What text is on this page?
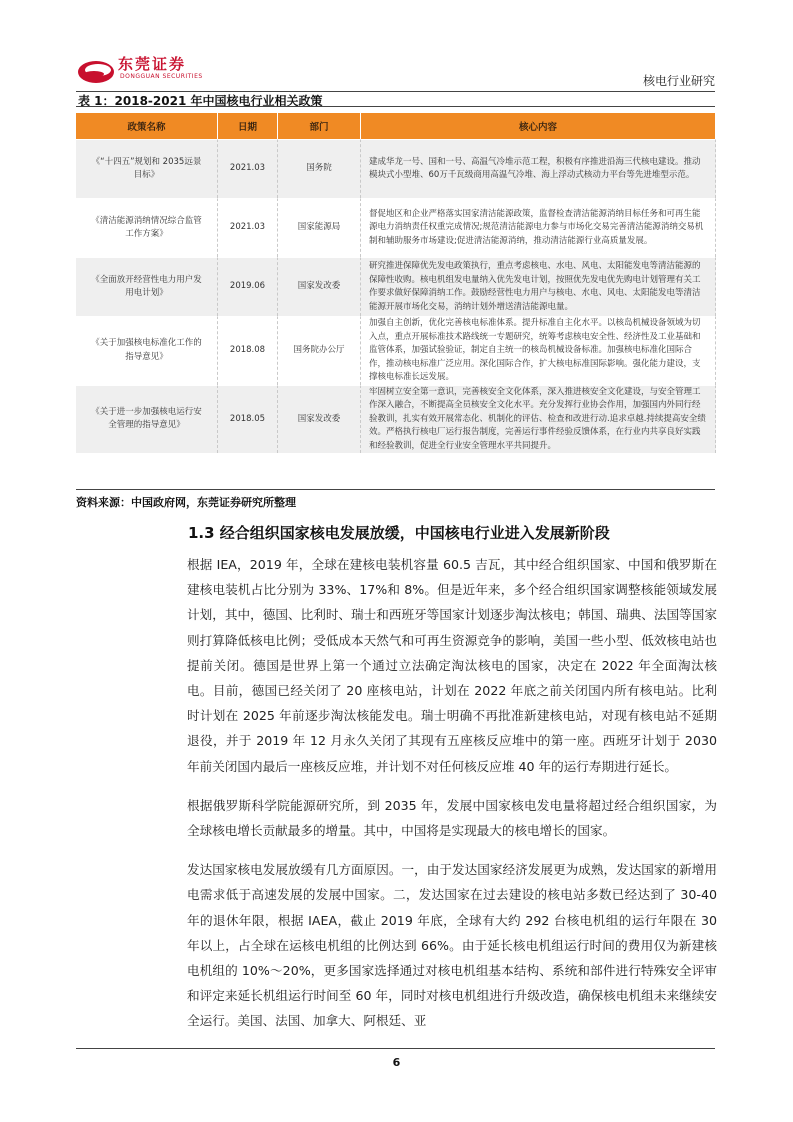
东莞证券
DONGGUAN SECURITIES	核电行业研究
表 1：2018-2021 年中国核电行业相关政策
政策名称	日期	部门	核心内容
《“十四五”规划和 2035远景目标》	2021.03	国务院	建成华龙一号、国和一号、高温气冷堆示范工程，积极有序推进沿海三代核电建设。推动模块式小型堆、60万千瓦级商用高温气冷堆、海上浮动式核动力平台等先进堆型示范。
《清洁能源消纳情况综合监管工作方案》	2021.03	国家能源局	督促地区和企业严格落实国家清洁能源政策，监督检查清洁能源消纳目标任务和可再生能源电力消纳责任权重完成情况;规范清洁能源电力参与市场化交易完善清洁能源消纳交易机制和辅助服务市场建设;促进清洁能源消纳，推动清洁能源行业高质量发展。
《全面放开经营性电力用户发用电计划》	2019.06	国家发改委	研究推进保障优先发电政策执行，重点考虑核电、水电、风电、太阳能发电等清洁能源的保障性收购。核电机组发电量纳入优先发电计划，按照优先发电优先购电计划管理有关工作要求做好保障消纳工作。鼓励经营性电力用户与核电、水电、风电、太阳能发电等清洁能源开展市场化交易，消纳计划外增送清洁能源电量。
《关于加强核电标准化工作的指导意见》	2018.08	国务院办公厅	加强自主创新，优化完善核电标准体系。提升标准自主化水平。以核岛机械设备领域为切入点，重点开展标准技术路线统一专题研究，统筹考虑核电安全性、经济性及工业基础和监管体系，加强试验验证，制定自主统一的核岛机械设备标准。加强核电标准化国际合作，推动核电标准广泛应用。深化国际合作，扩大核电标准国际影响。强化能力建设，支撑核电标准长远发展。
《关于进一步加强核电运行安全管理的指导意见》	2018.05	国家发改委	牢固树立安全第一意识，完善核安全文化体系，深入推进核安全文化建设，与安全管理工作深入融合，不断提高全员核安全文化水平。充分发挥行业协会作用，加强国内外同行经验教训，扎实有效开展常态化、机制化的评估、检查和改进行动.追求卓越.持续提高安全绩效。严格执行核电厂运行报告制度，完善运行事件经验反馈体系，在行业内共享良好实践和经验教训，促进全行业安全管理水平共同提升。
资料来源：中国政府网，东莞证券研究所整理
1.3 经合组织国家核电发展放缓，中国核电行业进入发展新阶段

根据 IEA，2019 年，全球在建核电装机容量 60.5 吉瓦，其中经合组织国家、中国和俄罗斯在建核电装机占比分别为 33%、17%和 8%。但是近年来，多个经合组织国家调整核能领域发展计划，其中，德国、比利时、瑞士和西班牙等国家计划逐步淘汰核电；韩国、瑞典、法国等国家则打算降低核电比例；受低成本天然气和可再生资源竞争的影响，美国一些小型、低效核电站也提前关闭。德国是世界上第一个通过立法确定淘汰核电的国家，决定在 2022 年全面淘汰核电。目前，德国已经关闭了 20 座核电站，计划在 2022 年底之前关闭国内所有核电站。比利时计划在 2025 年前逐步淘汰核能发电。瑞士明确不再批准新建核电站，对现有核电站不延期退役，并于 2019 年 12 月永久关闭了其现有五座核反应堆中的第一座。西班牙计划于 2030 年前关闭国内最后一座核反应堆，并计划不对任何核反应堆 40 年的运行寿期进行延长。

根据俄罗斯科学院能源研究所，到 2035 年，发展中国家核电发电量将超过经合组织国家，为全球核电增长贡献最多的增量。其中，中国将是实现最大的核电增长的国家。

发达国家核电发展放缓有几方面原因。一，由于发达国家经济发展更为成熟，发达国家的新增用电需求低于高速发展的发展中国家。二，发达国家在过去建设的核电站多数已经达到了 30-40 年的退休年限，根据 IAEA，截止 2019 年底，全球有大约 292 台核电机组的运行年限在 30 年以上，占全球在运核电机组的比例达到 66%。由于延长核电机组运行时间的费用仅为新建核电机组的 10%～20%，更多国家选择通过对核电机组基本结构、系统和部件进行特殊安全评审和评定来延长机组运行时间至 60 年，同时对核电机组进行升级改造，确保核电机组未来继续安全运行。美国、法国、加拿大、阿根廷、亚

6
